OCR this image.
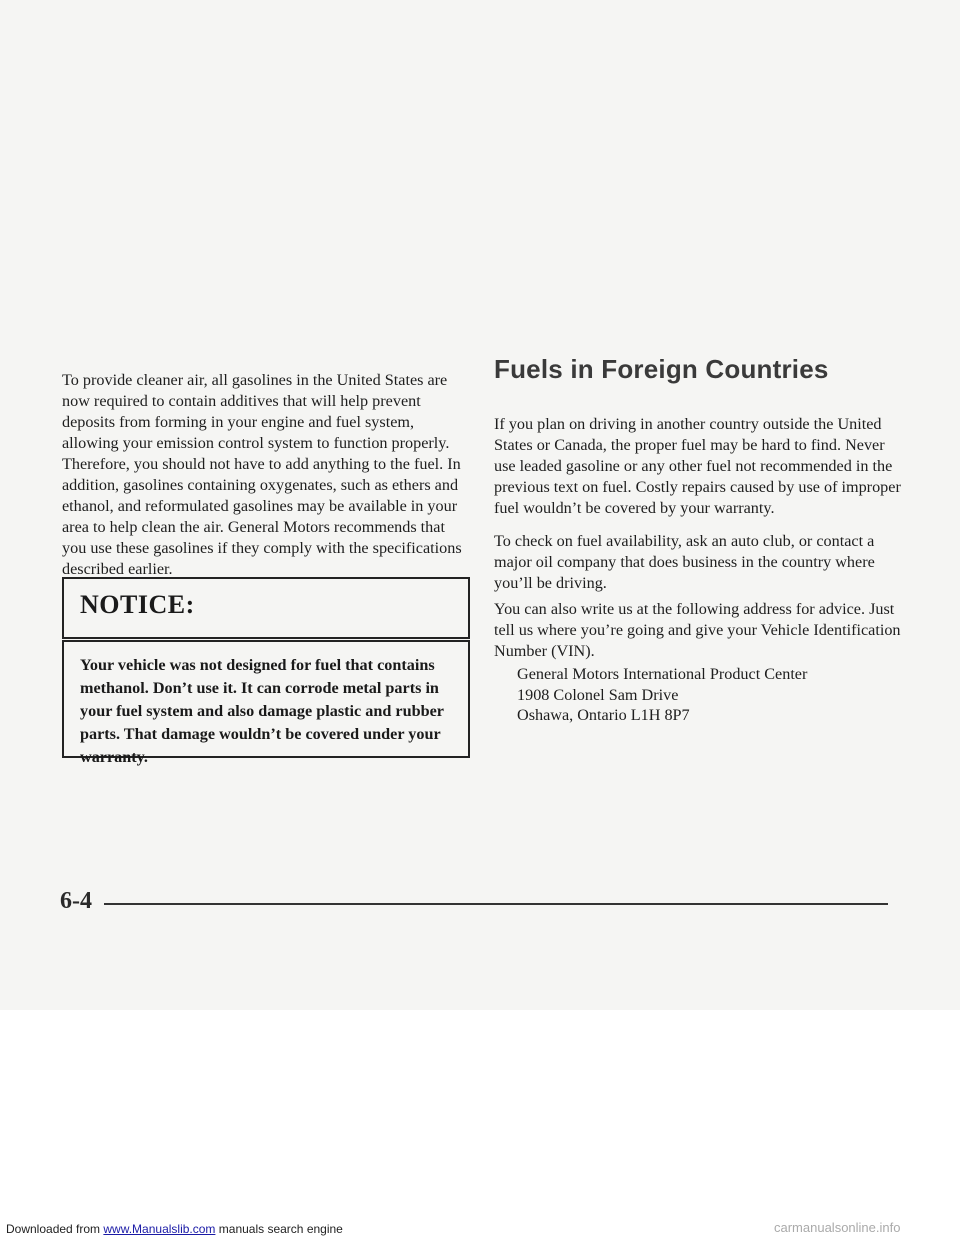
To provide cleaner air, all gasolines in the United States are now required to contain additives that will help prevent deposits from forming in your engine and fuel system, allowing your emission control system to function properly. Therefore, you should not have to add anything to the fuel. In addition, gasolines containing oxygenates, such as ethers and ethanol, and reformulated gasolines may be available in your area to help clean the air. General Motors recommends that you use these gasolines if they comply with the specifications described earlier.

NOTICE:
Your vehicle was not designed for fuel that contains methanol. Don’t use it. It can corrode metal parts in your fuel system and also damage plastic and rubber parts. That damage wouldn’t be covered under your warranty.
Fuels in Foreign Countries

If you plan on driving in another country outside the United States or Canada, the proper fuel may be hard to find. Never use leaded gasoline or any other fuel not recommended in the previous text on fuel. Costly repairs caused by use of improper fuel wouldn’t be covered by your warranty.

To check on fuel availability, ask an auto club, or contact a major oil company that does business in the country where you’ll be driving.

You can also write us at the following address for advice. Just tell us where you’re going and give your Vehicle Identification Number (VIN).

General Motors International Product Center
1908 Colonel Sam Drive
Oshawa, Ontario L1H 8P7
6-4
Downloaded from www.Manualslib.com manuals search engine	carmanualsonline.info
